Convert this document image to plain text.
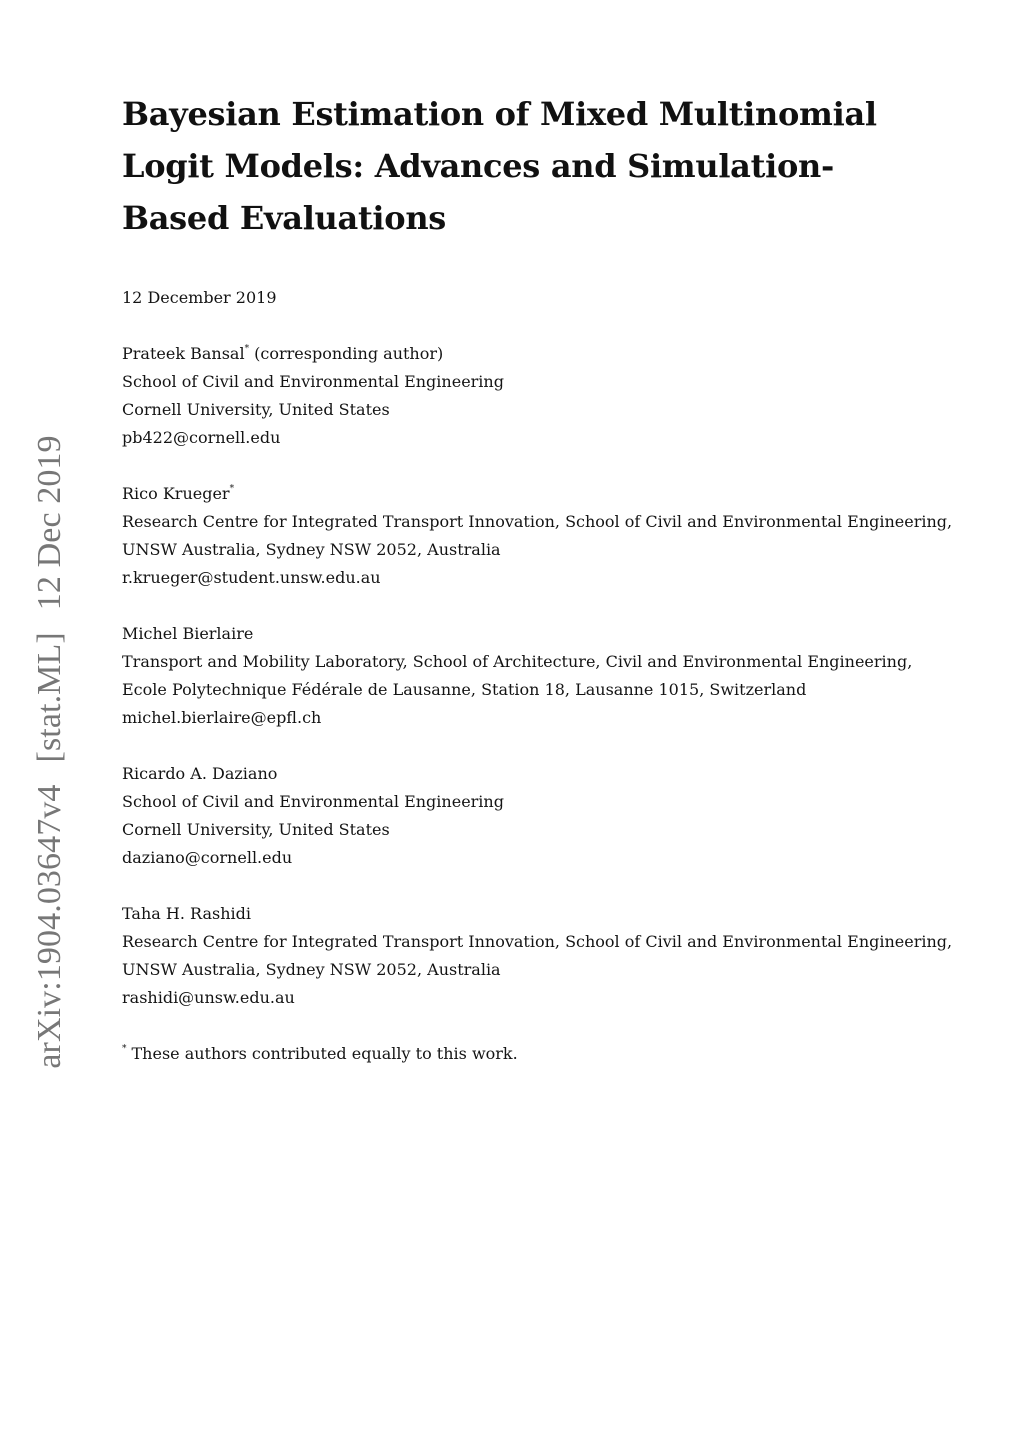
arXiv:1904.03647v4[stat.ML]12 Dec 2019
Bayesian Estimation of Mixed Multinomial Logit Models: Advances and Simulation-Based Evaluations
12 December 2019
Prateek Bansal* (corresponding author)
School of Civil and Environmental Engineering
Cornell University, United States
pb422@cornell.edu
Rico Krueger*
Research Centre for Integrated Transport Innovation, School of Civil and Environmental Engineering,
UNSW Australia, Sydney NSW 2052, Australia
r.krueger@student.unsw.edu.au
Michel Bierlaire
Transport and Mobility Laboratory, School of Architecture, Civil and Environmental Engineering,
Ecole Polytechnique Fédérale de Lausanne, Station 18, Lausanne 1015, Switzerland
michel.bierlaire@epfl.ch
Ricardo A. Daziano
School of Civil and Environmental Engineering
Cornell University, United States
daziano@cornell.edu
Taha H. Rashidi
Research Centre for Integrated Transport Innovation, School of Civil and Environmental Engineering,
UNSW Australia, Sydney NSW 2052, Australia
rashidi@unsw.edu.au
* These authors contributed equally to this work.
